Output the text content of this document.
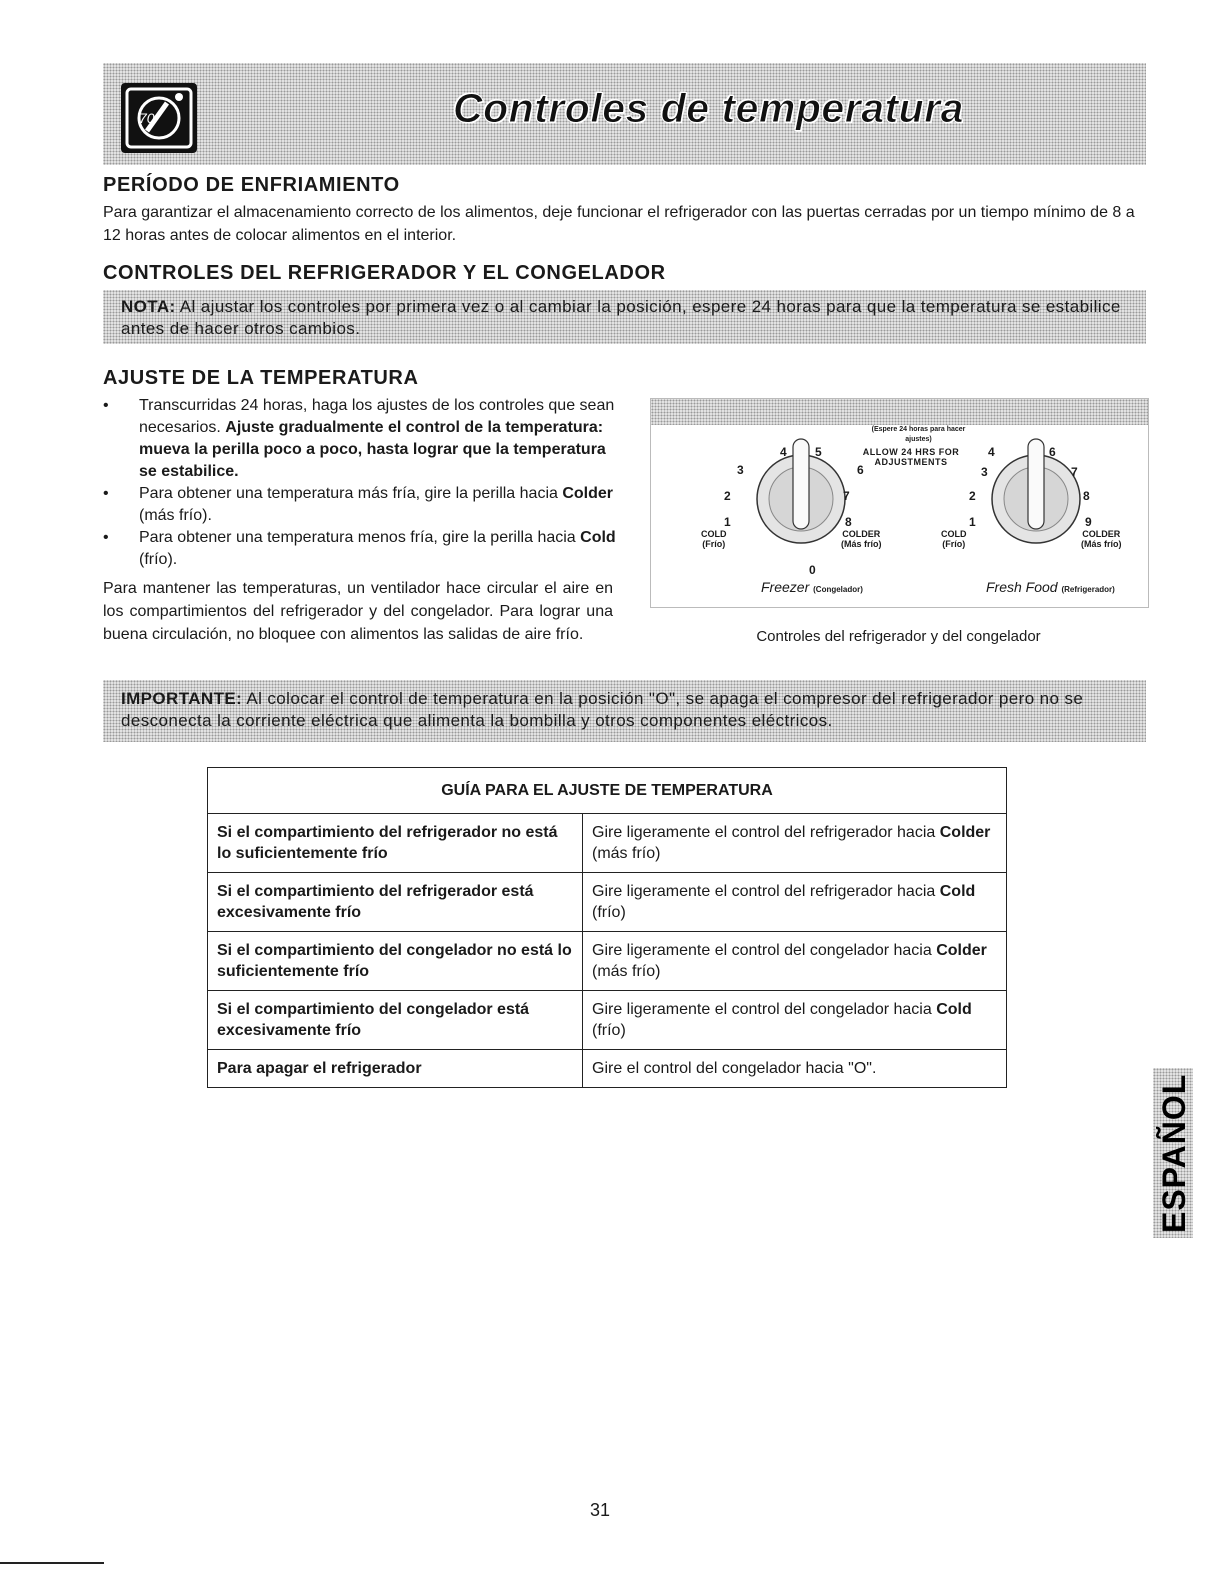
70	Controles de temperatura
PERÍODO DE ENFRIAMIENTO

Para garantizar el almacenamiento correcto de los alimentos, deje funcionar el refrigerador con las puertas cerradas por un tiempo mínimo de 8 a 12 horas antes de colocar alimentos en el interior.

CONTROLES DEL REFRIGERADOR Y EL CONGELADOR
NOTA: Al ajustar los controles por primera vez o al cambiar la posición, espere 24 horas para que la temperatura se estabilice antes de hacer otros cambios.
AJUSTE DE LA TEMPERATURA
• Transcurridas 24 horas, haga los ajustes de los controles que sean necesarios. Ajuste gradualmente el control de la temperatura: mueva la perilla poco a poco, hasta lograr que la temperatura se estabilice.
• Para obtener una temperatura más fría, gire la perilla hacia Colder (más frío).
• Para obtener una temperatura menos fría, gire la perilla hacia Cold (frío).

Para mantener las temperaturas, un ventilador hace circular el aire en los compartimientos del refrigerador y del congelador. Para lograr una buena circulación, no bloquee con alimentos las salidas de aire frío.

4 5
3	6
2	7
1	8
0
COLD
(Frío)
COLDER
(Más frío)
Freezer (Congelador)
(Espere 24 horas para hacer ajustes)
ALLOW 24 HRS FOR ADJUSTMENTS
4	6
3	7
2	8
1	9
COLD
(Frío)
COLDER
(Más frío)
Fresh Food (Refrigerador)
Controles del refrigerador y del congelador
IMPORTANTE: Al colocar el control de temperatura en la posición "O", se apaga el compresor del refrigerador pero no se desconecta la corriente eléctrica que alimenta la bombilla y otros componentes eléctricos.
GUÍA PARA EL AJUSTE DE TEMPERATURA	
Si el compartimiento del refrigerador no está lo suficientemente frío	Gire ligeramente el control del refrigerador hacia Colder (más frío)
Si el compartimiento del refrigerador está excesivamente frío	Gire ligeramente el control del refrigerador hacia Cold (frío)
Si el compartimiento del congelador no está lo suficientemente frío	Gire ligeramente el control del congelador hacia Colder (más frío)
Si el compartimiento del congelador está excesivamente frío	Gire ligeramente el control del congelador hacia Cold (frío)
Para apagar el refrigerador	Gire el control del congelador hacia "O".
ESPAÑOL
31
